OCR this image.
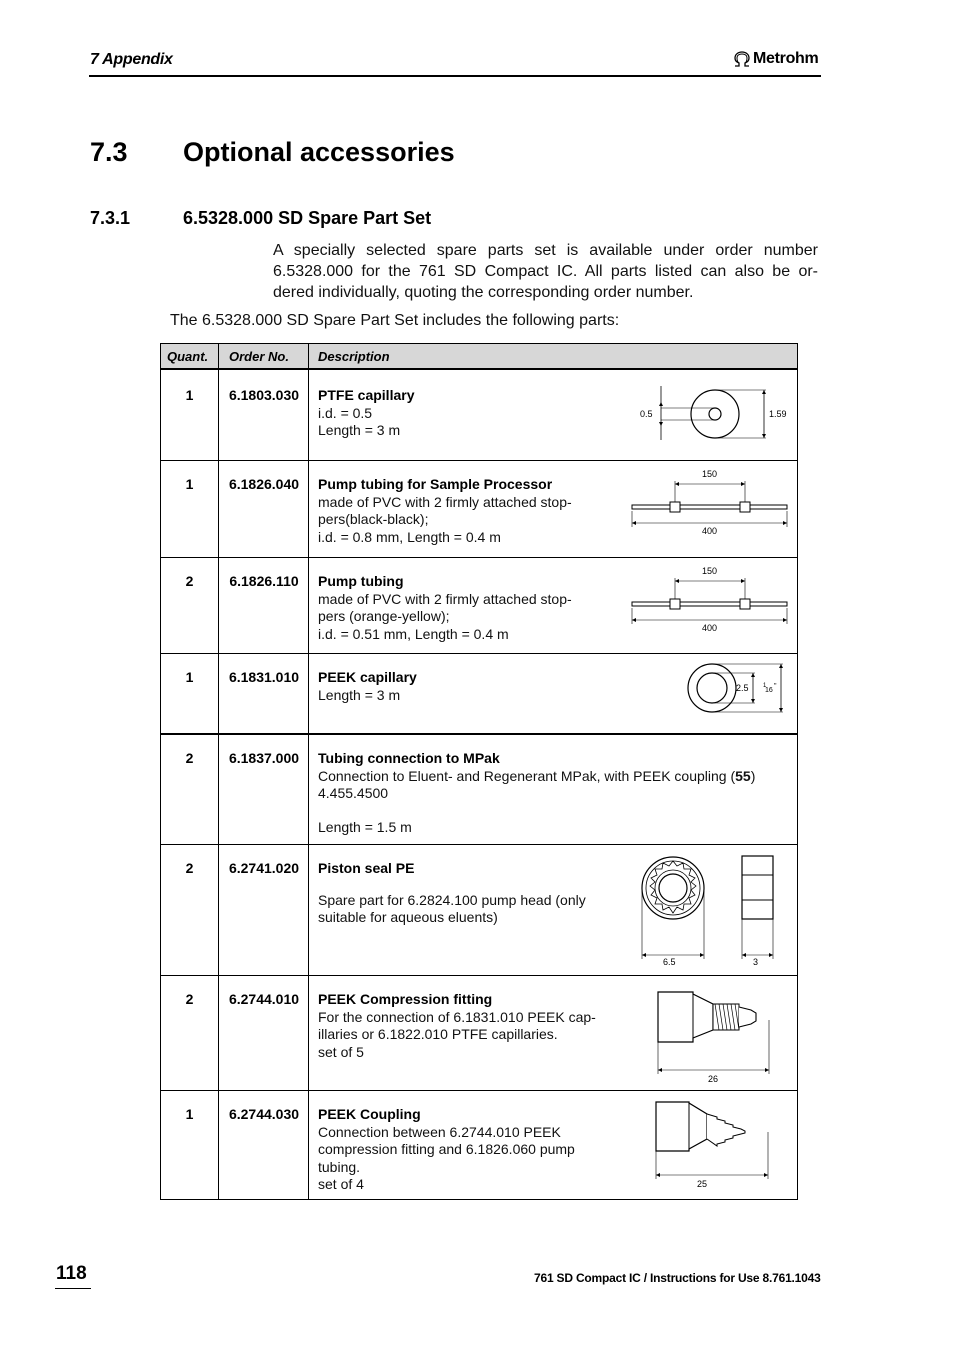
7 Appendix	Metrohm
7.3 Optional accessories
7.3.1	6.5328.000 SD Spare Part Set
A specially selected spare parts set is available under order number
6.5328.000 for the 761 SD Compact IC. All parts listed can also be or-
dered individually, quoting the corresponding order number.
The 6.5328.000 SD Spare Part Set includes the following parts:
Quant. Order No. Description
1	6.1803.030	PTFE capillary
i.d. = 0.5
Length = 3 m
0.5	1.59
1	6.1826.040	Pump tubing for Sample Processor
made of PVC with 2 firmly attached stop-
pers(black-black);
i.d. = 0.8 mm, Length = 0.4 m
150
400
2	6.1826.110	Pump tubing
made of PVC with 2 firmly attached stop-
pers (orange-yellow);
i.d. = 0.51 mm, Length = 0.4 m
150
400
1	6.1831.010	PEEK capillary
Length = 3 m	2.5 1
16
"
2	6.1837.000	Tubing connection to MPak
Connection to Eluent- and Regenerant MPak, with PEEK coupling (55)
4.455.4500
Length = 1.5 m
2	6.2741.020	Piston seal PE
Spare part for 6.2824.100 pump head (only
suitable for aqueous eluents)
6.5	3
2	6.2744.010	PEEK Compression fitting
For the connection of 6.1831.010 PEEK cap-
illaries or 6.1822.010 PTFE capillaries.
set of 5
26
1	6.2744.030	PEEK Coupling
Connection between 6.2744.010 PEEK
compression fitting and 6.1826.060 pump
tubing.
set of 4	25
118	761 SD Compact IC / Instructions for Use 8.761.1043
